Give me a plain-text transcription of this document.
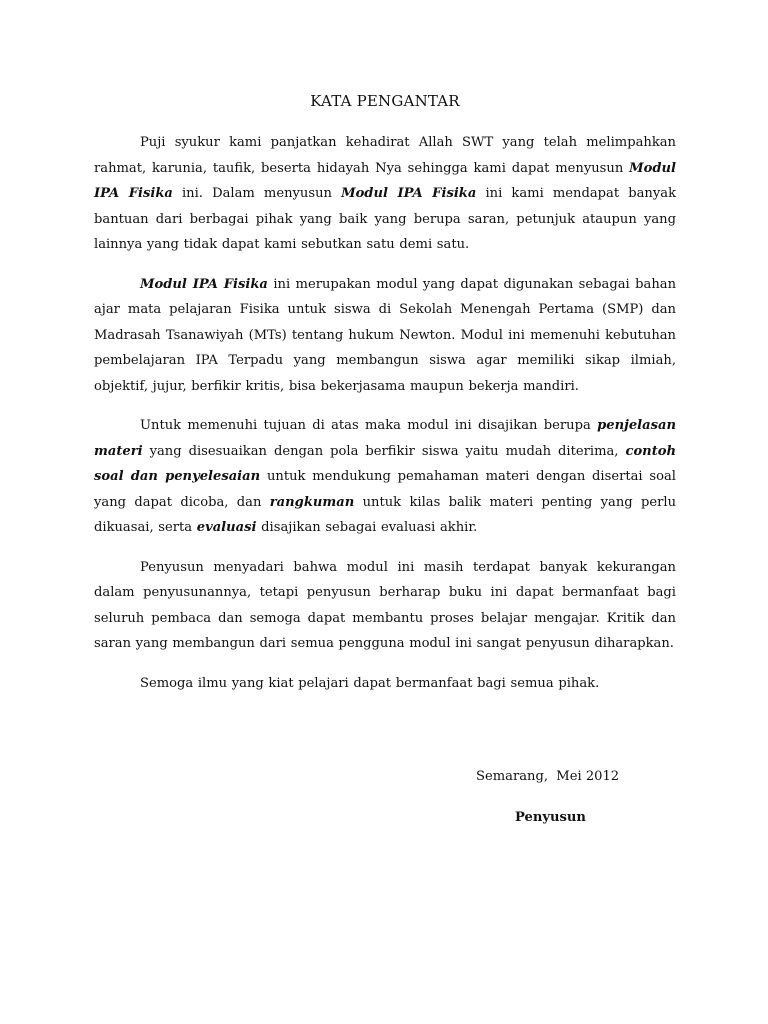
KATA PENGANTAR

Puji syukur kami panjatkan kehadirat Allah SWT yang telah melimpahkan rahmat, karunia, taufik, beserta hidayah Nya sehingga kami dapat menyusun Modul IPA Fisika ini. Dalam menyusun Modul IPA Fisika ini kami mendapat banyak bantuan dari berbagai pihak yang baik yang berupa saran, petunjuk ataupun yang lainnya yang tidak dapat kami sebutkan satu demi satu.

Modul IPA Fisika ini merupakan modul yang dapat digunakan sebagai bahan ajar mata pelajaran Fisika untuk siswa di Sekolah Menengah Pertama (SMP) dan Madrasah Tsanawiyah (MTs) tentang hukum Newton. Modul ini memenuhi kebutuhan pembelajaran IPA Terpadu yang membangun siswa agar memiliki sikap ilmiah, objektif, jujur, berfikir kritis, bisa bekerjasama maupun bekerja mandiri.

Untuk memenuhi tujuan di atas maka modul ini disajikan berupa penjelasan materi yang disesuaikan dengan pola berfikir siswa yaitu mudah diterima, contoh soal dan penyelesaian untuk mendukung pemahaman materi dengan disertai soal yang dapat dicoba, dan rangkuman untuk kilas balik materi penting yang perlu dikuasai, serta evaluasi disajikan sebagai evaluasi akhir.

Penyusun menyadari bahwa modul ini masih terdapat banyak kekurangan dalam penyusunannya, tetapi penyusun berharap buku ini dapat bermanfaat bagi seluruh pembaca dan semoga dapat membantu proses belajar mengajar. Kritik dan saran yang membangun dari semua pengguna modul ini sangat penyusun diharapkan.

Semoga ilmu yang kiat pelajari dapat bermanfaat bagi semua pihak.

Semarang,  Mei 2012
Penyusun
